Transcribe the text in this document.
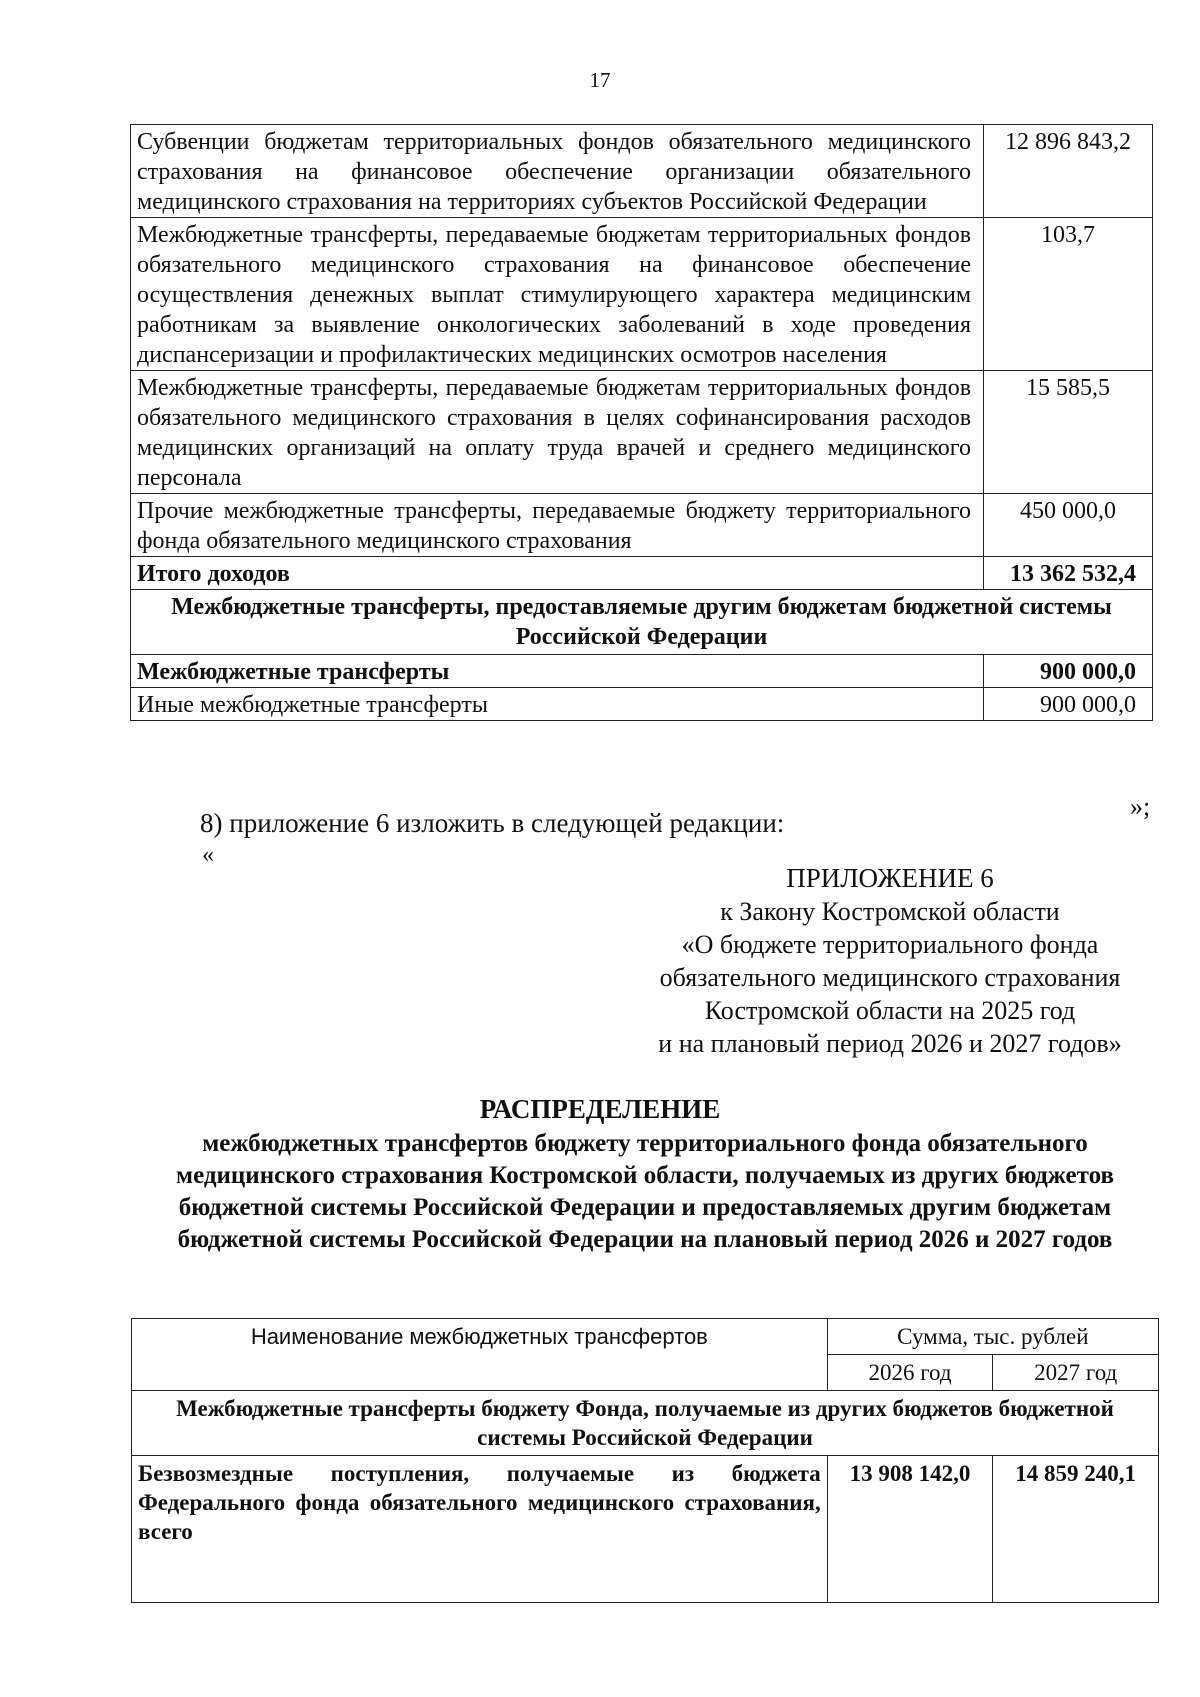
17
Субвенции бюджетам территориальных фондов обязательного медицинского страхования на финансовое обеспечение организации обязательного медицинского страхования на территориях субъектов Российской Федерации	12 896 843,2
Межбюджетные трансферты, передаваемые бюджетам территориальных фондов обязательного медицинского страхования на финансовое обеспечение осуществления денежных выплат стимулирующего характера медицинским работникам за выявление онкологических заболеваний в ходе проведения диспансеризации и профилактических медицинских осмотров населения	103,7
Межбюджетные трансферты, передаваемые бюджетам территориальных фондов обязательного медицинского страхования в целях софинансирования расходов медицинских организаций на оплату труда врачей и среднего медицинского персонала	15 585,5
Прочие межбюджетные трансферты, передаваемые бюджету территориального фонда обязательного медицинского страхования	450 000,0
Итого доходов	13 362 532,4
Межбюджетные трансферты, предоставляемые другим бюджетам бюджетной системы Российской Федерации	
Межбюджетные трансферты	900 000,0
Иные межбюджетные трансферты	900 000,0
»;
8) приложение 6 изложить в следующей редакции:
«
ПРИЛОЖЕНИЕ 6
к Закону Костромской области
«О бюджете территориального фонда
обязательного медицинского страхования
Костромской области на 2025 год
и на плановый период 2026 и 2027 годов»
РАСПРЕДЕЛЕНИЕ
межбюджетных трансфертов бюджету территориального фонда обязательного медицинского страхования Костромской области, получаемых из других бюджетов бюджетной системы Российской Федерации и предоставляемых другим бюджетам бюджетной системы Российской Федерации на плановый период 2026 и 2027 годов
Наименование межбюджетных трансфертов	Сумма, тыс. рублей	
	2026 год	2027 год
Межбюджетные трансферты бюджету Фонда, получаемые из других бюджетов бюджетной системы Российской Федерации		
Безвозмездные поступления, получаемые из бюджета Федерального фонда обязательного медицинского страхования, всего	13 908 142,0	14 859 240,1
